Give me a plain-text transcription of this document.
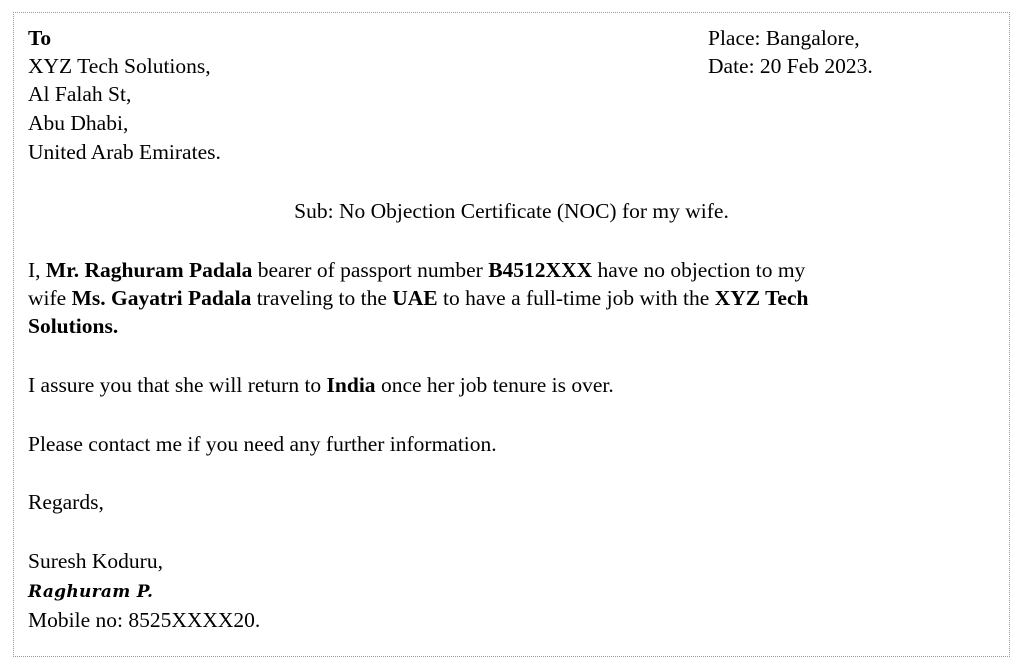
To
XYZ Tech Solutions,
Al Falah St,
Abu Dhabi,
United Arab Emirates.
Place: Bangalore,
Date: 20 Feb 2023.
Sub: No Objection Certificate (NOC) for my wife.
I, Mr. Raghuram Padala bearer of passport number B4512XXX have no objection to my
wife Ms. Gayatri Padala traveling to the UAE to have a full-time job with the XYZ Tech
Solutions.
I assure you that she will return to India once her job tenure is over.
Please contact me if you need any further information.
Regards,
Suresh Koduru,
Raghuram P.
Mobile no: 8525XXXX20.
